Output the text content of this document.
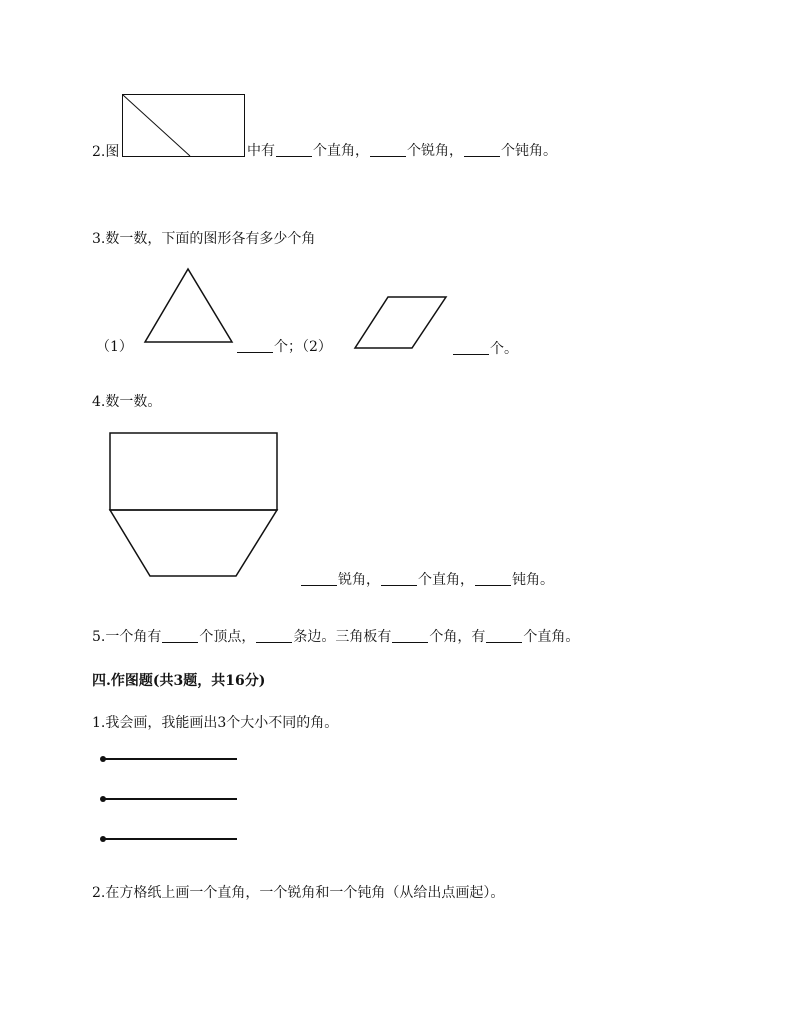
2.图	中有	个直角，	个锐角，	个钝角。
3.数一数，下面的图形各有多少个角
（1）	个；（2）	个。
4.数一数。
锐角，	个直角，	钝角。
5.一个角有	个顶点，	条边。三角板有	个角，有	个直角。
四.作图题(共3题，共16分)
1.我会画，我能画出3个大小不同的角。
2.在方格纸上画一个直角，一个锐角和一个钝角（从给出点画起）。
